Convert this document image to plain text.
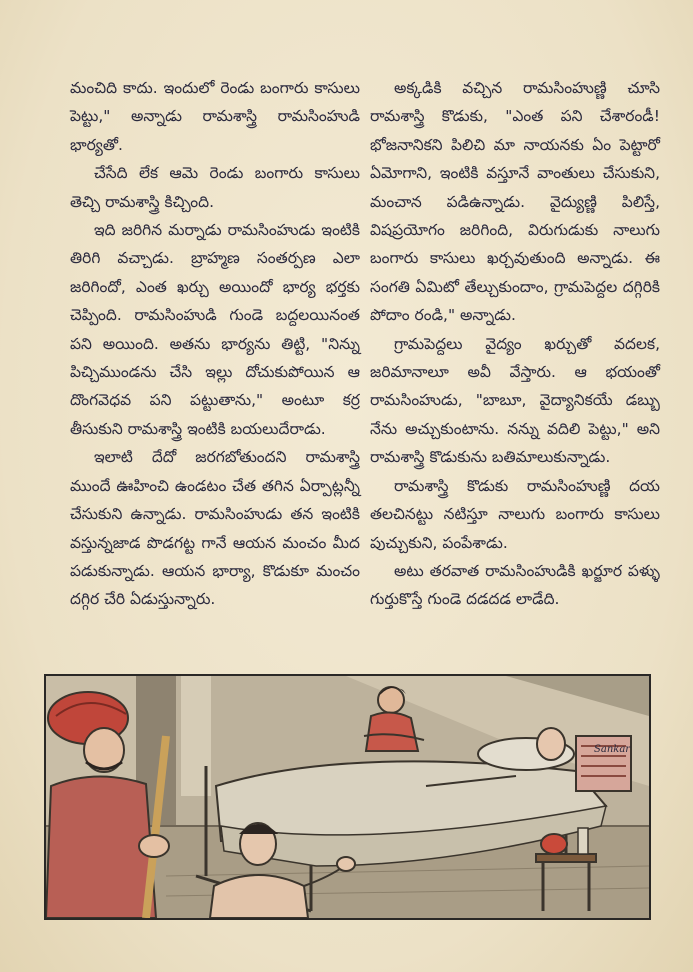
మంచిది కాదు. ఇందులో రెండు బంగారు కాసులు పెట్టు," అన్నాడు రామశాస్త్రి రామసింహుడి భార్యతో.

చేసేది లేక ఆమె రెండు బంగారు కాసులు తెచ్చి రామశాస్త్రి కిచ్చింది.

ఇది జరిగిన మర్నాడు రామసింహుడు ఇంటికి తిరిగి వచ్చాడు. బ్రాహ్మణ సంతర్పణ ఎలా జరిగిందో, ఎంత ఖర్చు అయిందో భార్య భర్తకు చెప్పింది. రామసింహుడి గుండె బద్దలయినంత పని అయింది. అతను భార్యను తిట్టి, "నిన్ను పిచ్చిముండను చేసి ఇల్లు దోచుకుపోయిన ఆ దొంగవెధవ పని పట్టుతాను," అంటూ కర్ర తీసుకుని రామశాస్త్రి ఇంటికి బయలుదేరాడు.

ఇలాటి దేదో జరగబోతుందని రామశాస్త్రి ముందే ఊహించి ఉండటం చేత తగిన ఏర్పాట్లన్నీ చేసుకుని ఉన్నాడు. రామసింహుడు తన ఇంటికి వస్తున్నజాడ పొడగట్ట గానే ఆయన మంచం మీద పడుకున్నాడు. ఆయన భార్యా, కొడుకూ మంచం దగ్గిర చేరి ఏడుస్తున్నారు.

అక్కడికి వచ్చిన రామసింహుణ్ణి చూసి రామశాస్త్రి కొడుకు, "ఎంత పని చేశారండీ! భోజనానికని పిలిచి మా నాయనకు ఏం పెట్టారో ఏమోగాని, ఇంటికి వస్తూనే వాంతులు చేసుకుని, మంచాన పడిఉన్నాడు. వైద్యుణ్ణి పిలిస్తే, విషప్రయోగం జరిగింది, విరుగుడుకు నాలుగు బంగారు కాసులు ఖర్చవుతుంది అన్నాడు. ఈ సంగతి ఏమిటో తేల్చుకుందాం, గ్రామపెద్దల దగ్గిరికి పోదాం రండి," అన్నాడు.

గ్రామపెద్దలు వైద్యం ఖర్చుతో వదలక, జరిమానాలూ అవీ వేస్తారు. ఆ భయంతో రామసింహుడు, "బాబూ, వైద్యానికయే డబ్బు నేను అచ్చుకుంటాను. నన్ను వదిలి పెట్టు," అని రామశాస్త్రి కొడుకును బతిమాలుకున్నాడు.

రామశాస్త్రి కొడుకు రామసింహుణ్ణి దయ తలచినట్టు నటిస్తూ నాలుగు బంగారు కాసులు పుచ్చుకుని, పంపేశాడు.

అటు తరవాత రామసింహుడికి ఖర్జూర పళ్ళు గుర్తుకొస్తే గుండె దడదడ లాడేది.

Sankar
